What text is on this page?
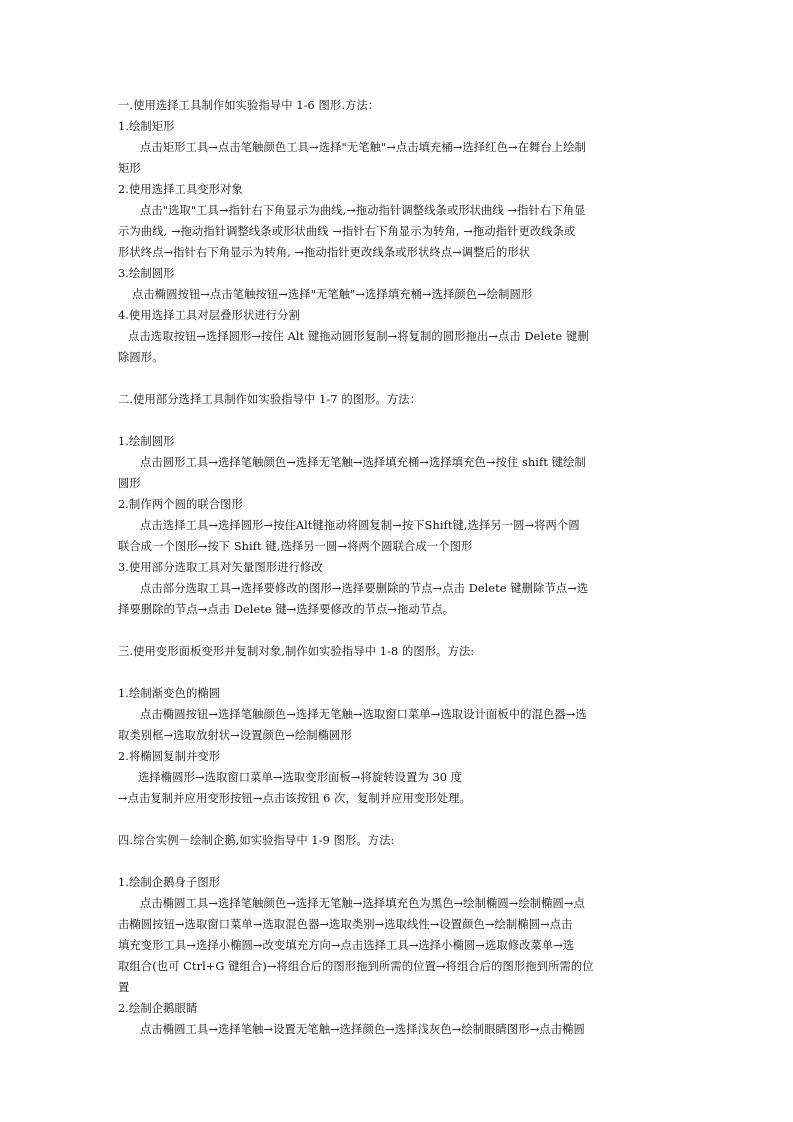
一.使用选择工具制作如实验指导中 1-6 图形.方法：
1.绘制矩形
点击矩形工具→点击笔触颜色工具→选择"无笔触"→点击填充桶→选择红色→在舞台上绘制
矩形
2.使用选择工具变形对象
点击"选取"工具→指针右下角显示为曲线,→拖动指针调整线条或形状曲线 →指针右下角显
示为曲线, →拖动指针调整线条或形状曲线 →指针右下角显示为转角, →拖动指针更改线条或
形状终点→指针右下角显示为转角, →拖动指针更改线条或形状终点→调整后的形状
3.绘制圆形
点击椭圆按钮→点击笔触按钮→选择"无笔触"→选择填充桶→选择颜色→绘制圆形
4.使用选择工具对层叠形状进行分割
点击选取按钮→选择圆形→按住 Alt 键拖动圆形复制→将复制的圆形拖出→点击 Delete 键删
除圆形。
二.使用部分选择工具制作如实验指导中 1-7 的图形。方法：
1.绘制圆形
点击圆形工具→选择笔触颜色→选择无笔触→选择填充桶→选择填充色→按住 shift 键绘制
圆形
2.制作两个圆的联合图形
点击选择工具→选择圆形→按住Alt键拖动将圆复制→按下Shift键,选择另一圆→将两个圆
联合成一个图形→按下 Shift 键,选择另一圆→将两个圆联合成一个图形
3.使用部分选取工具对矢量图形进行修改
点击部分选取工具→选择要修改的图形→选择要删除的节点→点击 Delete 键删除节点→选
择要删除的节点→点击 Delete 键→选择要修改的节点→拖动节点。
三.使用变形面板变形并复制对象,制作如实验指导中 1-8 的图形。方法:
1.绘制渐变色的椭圆
点击椭圆按钮→选择笔触颜色→选择无笔触→选取窗口菜单→选取设计面板中的混色器→选
取类别框→选取放射状→设置颜色→绘制椭圆形
2.将椭圆复制并变形
选择椭圆形→选取窗口菜单→选取变形面板→将旋转设置为 30 度
→点击复制并应用变形按钮→点击该按钮 6 次，复制并应用变形处理。
四.综合实例－绘制企鹅,如实验指导中 1-9 图形。方法:
1.绘制企鹅身子图形
点击椭圆工具→选择笔触颜色→选择无笔触→选择填充色为黑色→绘制椭圆→绘制椭圆→点
击椭圆按钮→选取窗口菜单→选取混色器→选取类别→选取线性→设置颜色→绘制椭圆→点击
填充变形工具→选择小椭圆→改变填充方向→点击选择工具→选择小椭圆→选取修改菜单→选
取组合(也可 Ctrl+G 键组合)→将组合后的图形拖到所需的位置→将组合后的图形拖到所需的位
置
2.绘制企鹅眼睛
点击椭圆工具→选择笔触→设置无笔触→选择颜色→选择浅灰色→绘制眼睛图形→点击椭圆
